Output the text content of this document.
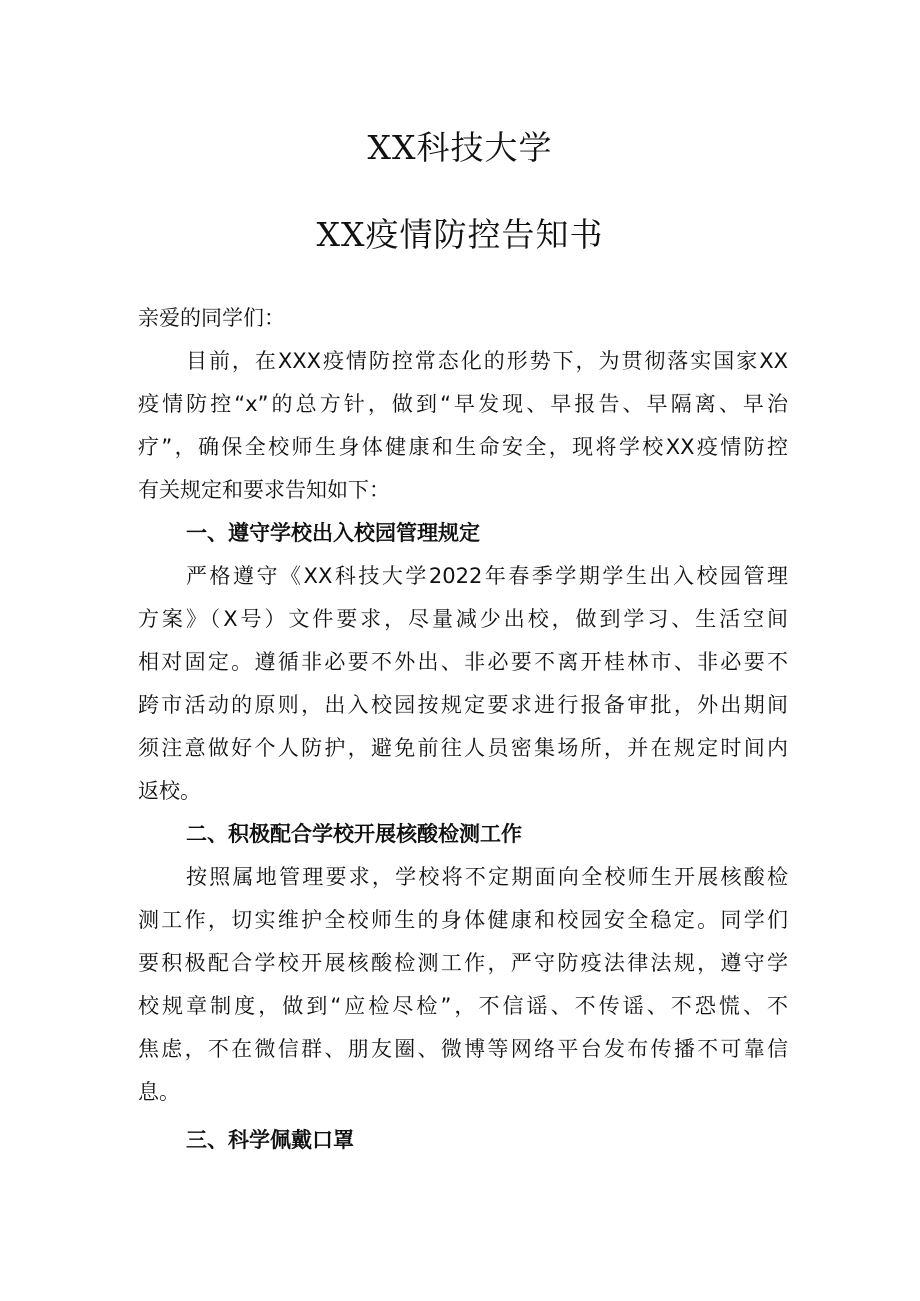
XX科技大学
XX疫情防控告知书
亲爱的同学们：
目前，在XXX疫情防控常态化的形势下，为贯彻落实国家XX
疫情防控“x”的总方针，做到“早发现、早报告、早隔离、早治
疗”，确保全校师生身体健康和生命安全，现将学校XX疫情防控
有关规定和要求告知如下：
一、遵守学校出入校园管理规定
严格遵守《XX科技大学2022年春季学期学生出入校园管理
方案》（X号）文件要求，尽量减少出校，做到学习、生活空间
相对固定。遵循非必要不外出、非必要不离开桂林市、非必要不
跨市活动的原则，出入校园按规定要求进行报备审批，外出期间
须注意做好个人防护，避免前往人员密集场所，并在规定时间内
返校。
二、积极配合学校开展核酸检测工作
按照属地管理要求，学校将不定期面向全校师生开展核酸检
测工作，切实维护全校师生的身体健康和校园安全稳定。同学们
要积极配合学校开展核酸检测工作，严守防疫法律法规，遵守学
校规章制度，做到“应检尽检”，不信谣、不传谣、不恐慌、不
焦虑，不在微信群、朋友圈、微博等网络平台发布传播不可靠信
息。
三、科学佩戴口罩
